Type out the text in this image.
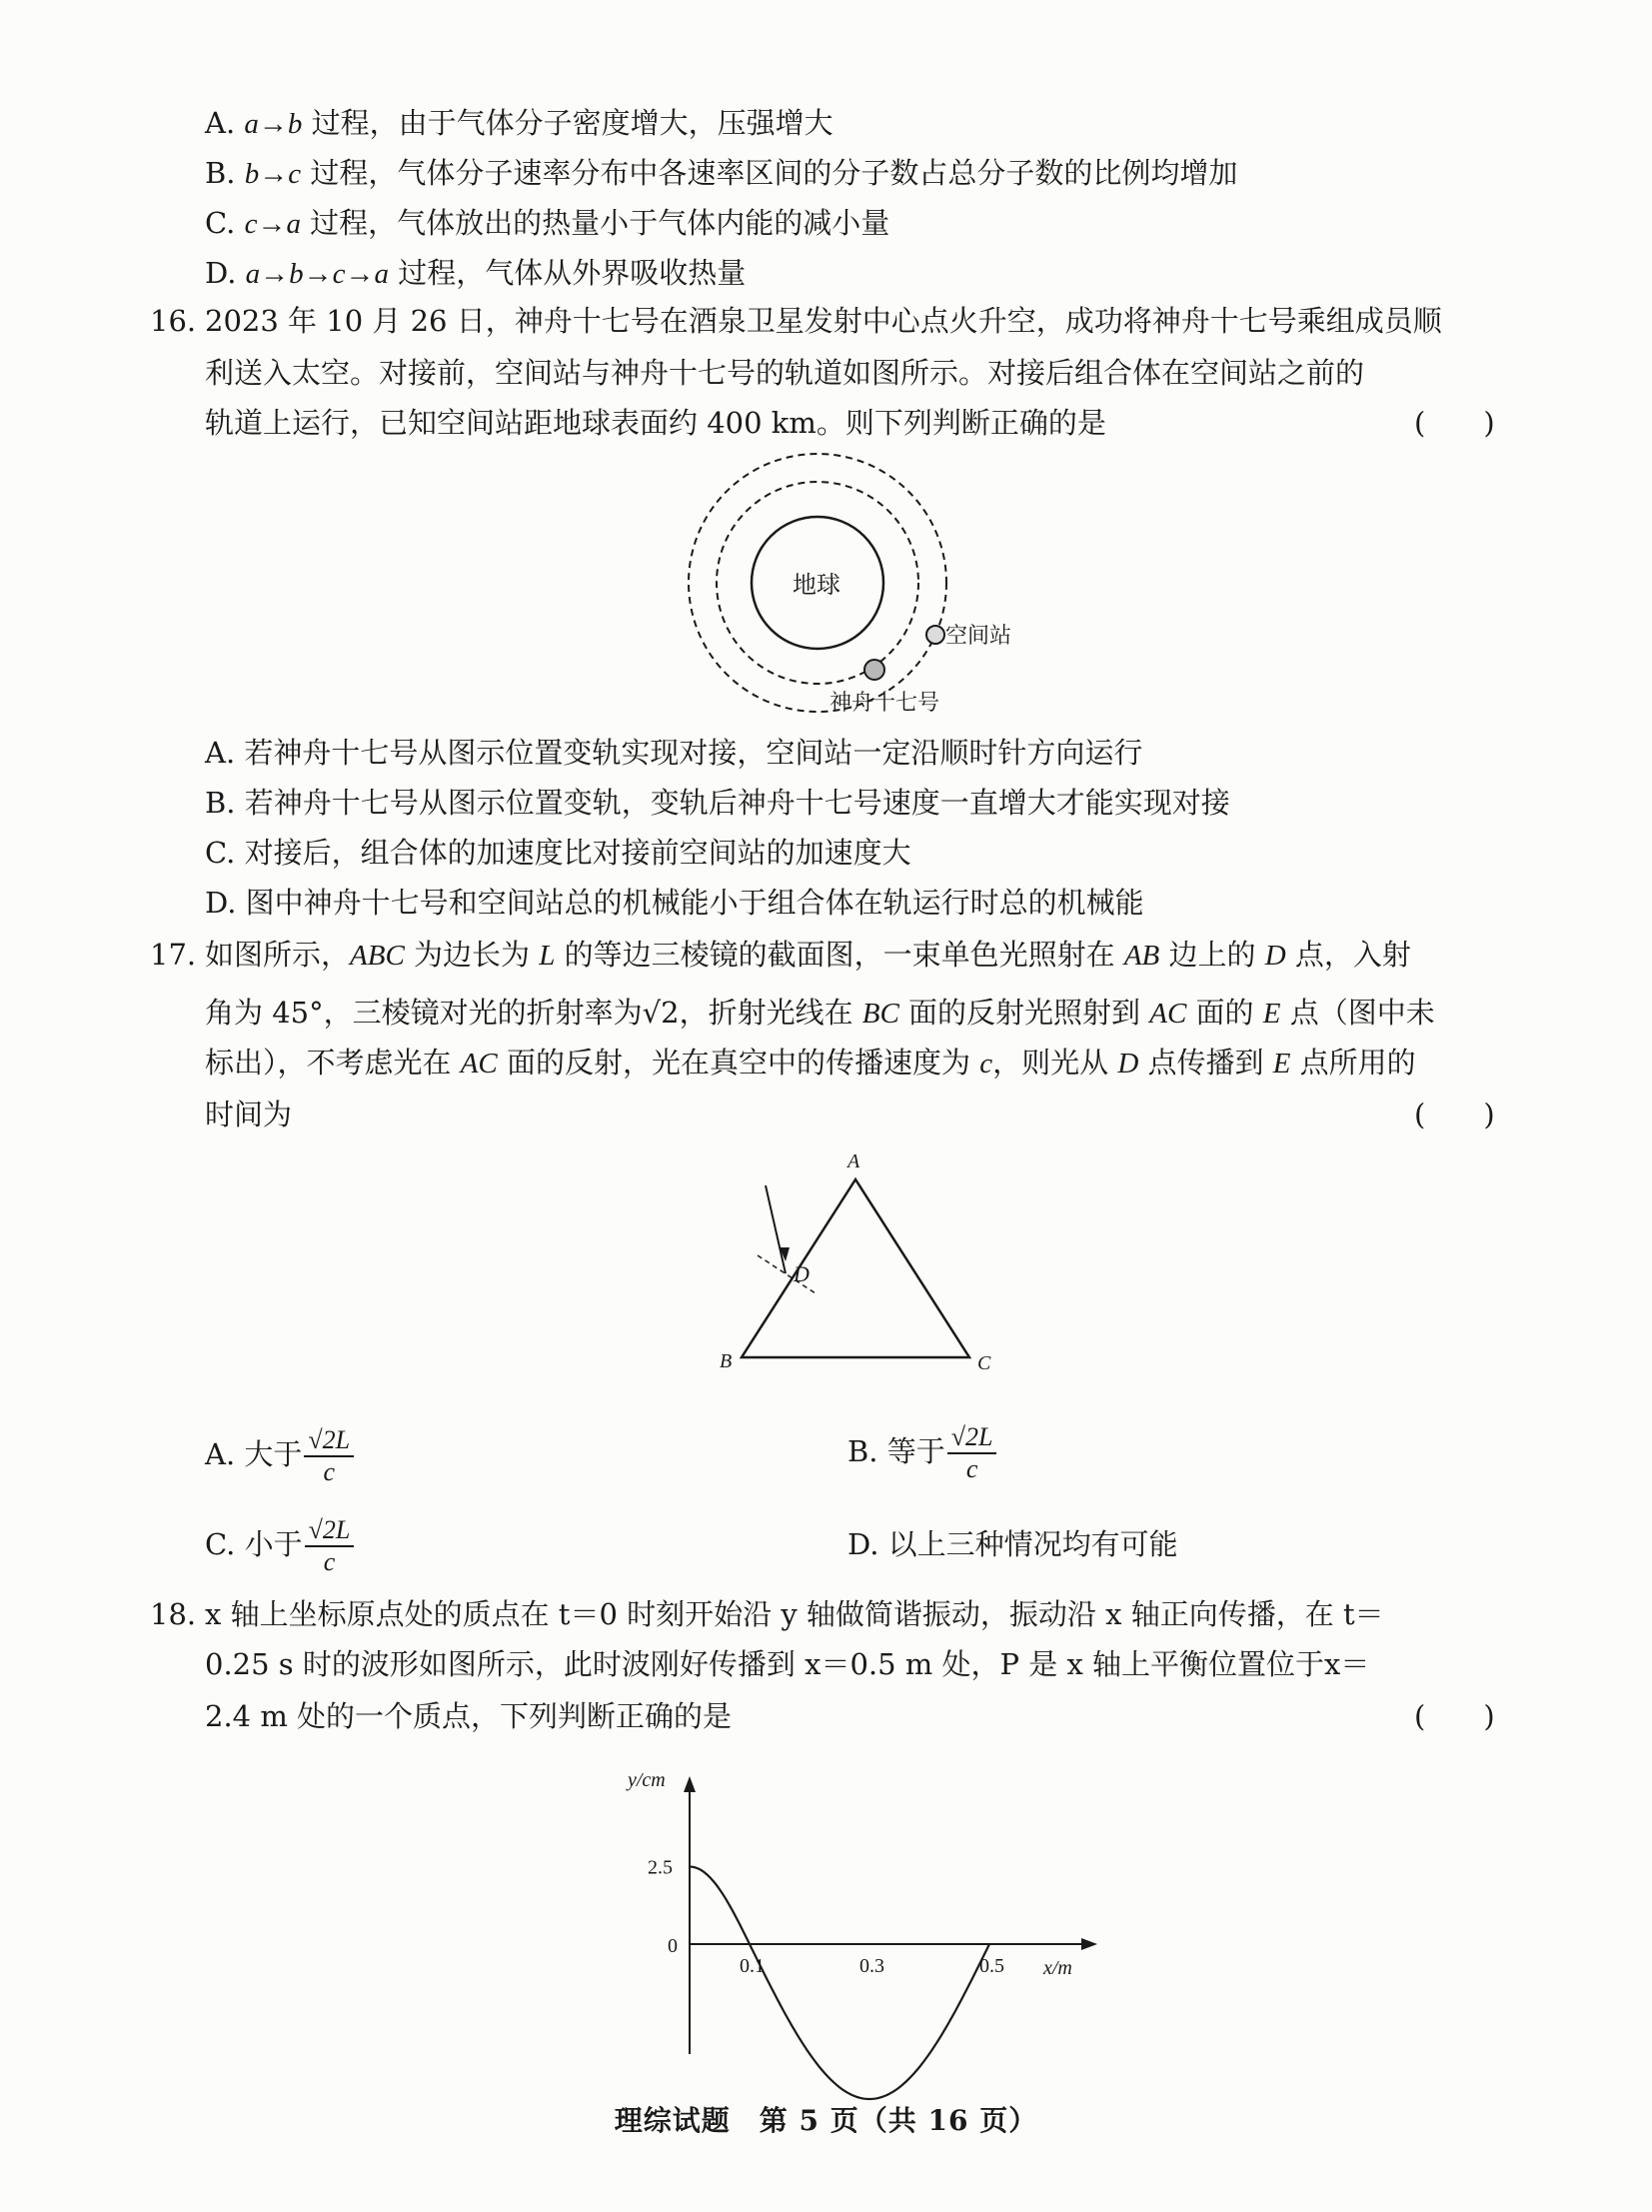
A. a→b 过程，由于气体分子密度增大，压强增大
B. b→c 过程，气体分子速率分布中各速率区间的分子数占总分子数的比例均增加
C. c→a 过程，气体放出的热量小于气体内能的减小量
D. a→b→c→a 过程，气体从外界吸收热量
16. 2023 年 10 月 26 日，神舟十七号在酒泉卫星发射中心点火升空，成功将神舟十七号乘组成员顺
利送入太空。对接前，空间站与神舟十七号的轨道如图所示。对接后组合体在空间站之前的
轨道上运行，已知空间站距地球表面约 400 km。则下列判断正确的是	(　　)
地球
空间站
神舟十七号
A. 若神舟十七号从图示位置变轨实现对接，空间站一定沿顺时针方向运行
B. 若神舟十七号从图示位置变轨，变轨后神舟十七号速度一直增大才能实现对接
C. 对接后，组合体的加速度比对接前空间站的加速度大
D. 图中神舟十七号和空间站总的机械能小于组合体在轨运行时总的机械能
17. 如图所示，ABC 为边长为 L 的等边三棱镜的截面图，一束单色光照射在 AB 边上的 D 点，入射
角为 45°，三棱镜对光的折射率为√2，折射光线在 BC 面的反射光照射到 AC 面的 E 点（图中未
标出），不考虑光在 AC 面的反射，光在真空中的传播速度为 c，则光从 D 点传播到 E 点所用的
时间为	(　　)
A
B	C
D
A. 大于 $\frac{√2L}{c}$	B. 等于 $\frac{√2L}{c}$
C. 小于 $\frac{√2L}{c}$	D. 以上三种情况均有可能
18. x 轴上坐标原点处的质点在 t＝0 时刻开始沿 y 轴做简谐振动，振动沿 x 轴正向传播，在 t＝
0.25 s 时的波形如图所示，此时波刚好传播到 x＝0.5 m 处，P 是 x 轴上平衡位置位于x＝
2.4 m 处的一个质点，下列判断正确的是	(　　)
y/cm
x/m
0
0.1	0.3	0.5
2.5
理综试题　第 5 页（共 16 页）
